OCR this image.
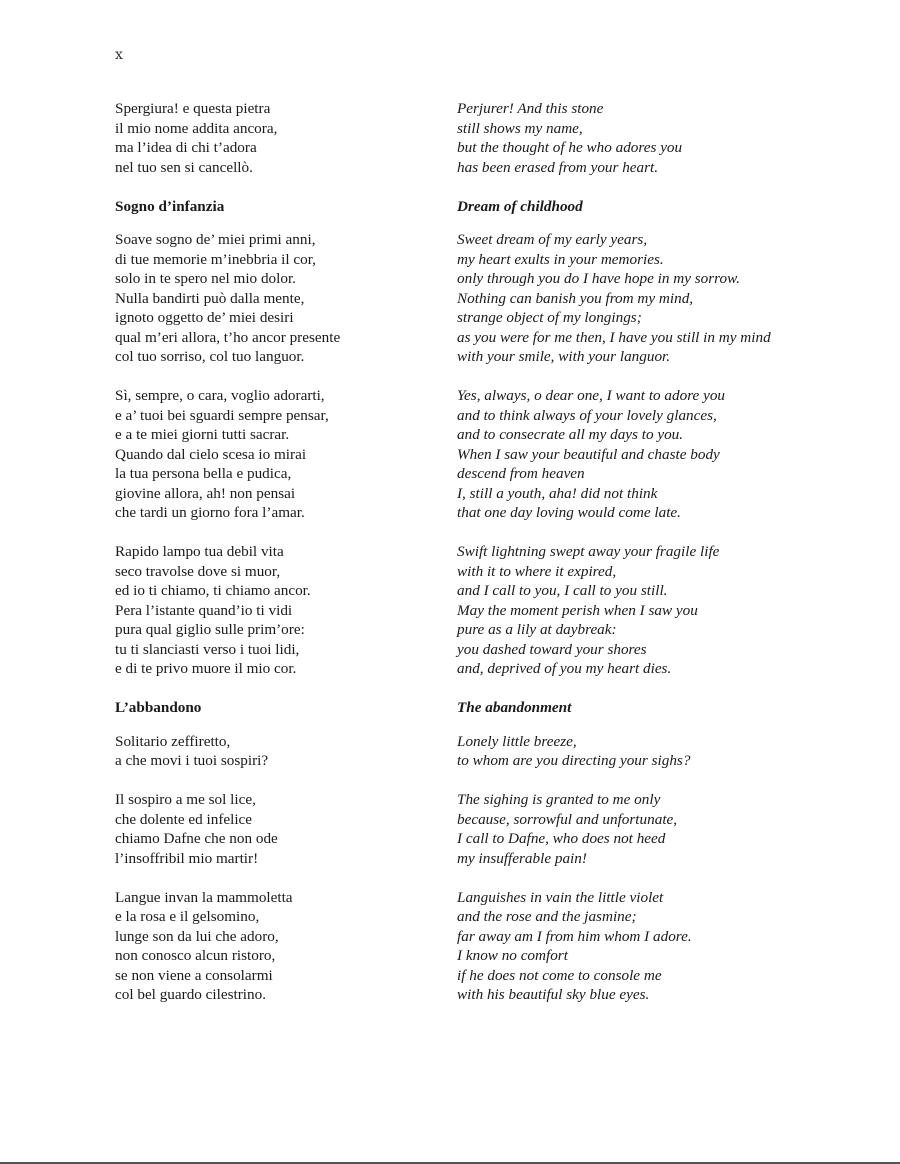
x
Spergiura! e questa pietra
il mio nome addita ancora,
ma l’idea di chi t’adora
nel tuo sen si cancellò.
Sogno d’infanzia
Soave sogno de’ miei primi anni,
di tue memorie m’inebbria il cor,
solo in te spero nel mio dolor.
Nulla bandirti può dalla mente,
ignoto oggetto de’ miei desiri
qual m’eri allora, t’ho ancor presente
col tuo sorriso, col tuo languor.
Sì, sempre, o cara, voglio adorarti,
e a’ tuoi bei sguardi sempre pensar,
e a te miei giorni tutti sacrar.
Quando dal cielo scesa io mirai
la tua persona bella e pudica,
giovine allora, ah! non pensai
che tardi un giorno fora l’amar.
Rapido lampo tua debil vita
seco travolse dove si muor,
ed io ti chiamo, ti chiamo ancor.
Pera l’istante quand’io ti vidi
pura qual giglio sulle prim’ore:
tu ti slanciasti verso i tuoi lidi,
e di te privo muore il mio cor.
L’abbandono
Solitario zeffiretto,
a che movi i tuoi sospiri?
Il sospiro a me sol lice,
che dolente ed infelice
chiamo Dafne che non ode
l’insoffribil mio martir!
Langue invan la mammoletta
e la rosa e il gelsomino,
lunge son da lui che adoro,
non conosco alcun ristoro,
se non viene a consolarmi
col bel guardo cilestrino.
Perjurer! And this stone
still shows my name,
but the thought of he who adores you
has been erased from your heart.
Dream of childhood
Sweet dream of my early years,
my heart exults in your memories.
only through you do I have hope in my sorrow.
Nothing can banish you from my mind,
strange object of my longings;
as you were for me then, I have you still in my mind
with your smile, with your languor.
Yes, always, o dear one, I want to adore you
and to think always of your lovely glances,
and to consecrate all my days to you.
When I saw your beautiful and chaste body
descend from heaven
I, still a youth, aha! did not think
that one day loving would come late.
Swift lightning swept away your fragile life
with it to where it expired,
and I call to you, I call to you still.
May the moment perish when I saw you
pure as a lily at daybreak:
you dashed toward your shores
and, deprived of you my heart dies.
The abandonment
Lonely little breeze,
to whom are you directing your sighs?
The sighing is granted to me only
because, sorrowful and unfortunate,
I call to Dafne, who does not heed
my insufferable pain!
Languishes in vain the little violet
and the rose and the jasmine;
far away am I from him whom I adore.
I know no comfort
if he does not come to console me
with his beautiful sky blue eyes.
